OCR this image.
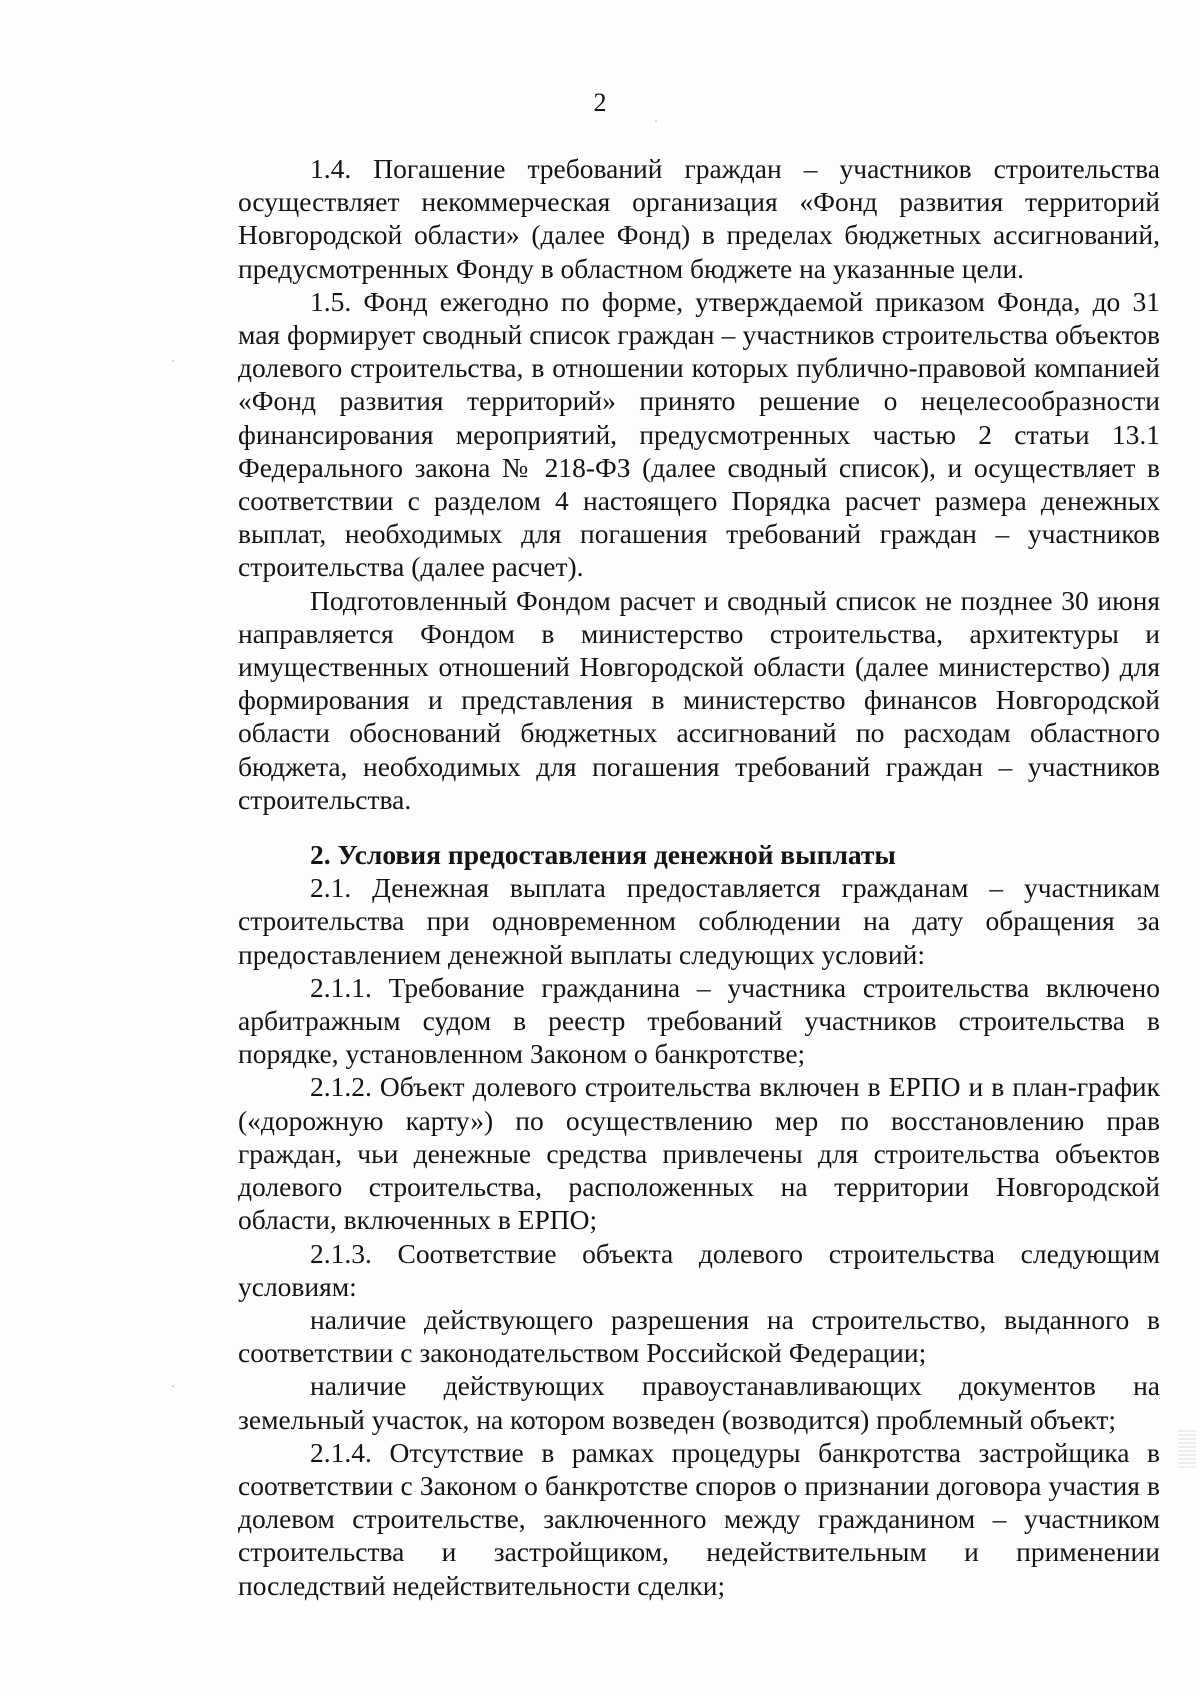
2

1.4. Погашение требований граждан – участников строительства осуществляет некоммерческая организация «Фонд развития территорий Новгородской области» (далее Фонд) в пределах бюджетных ассигнований, предусмотренных Фонду в областном бюджете на указанные цели.

1.5. Фонд ежегодно по форме, утверждаемой приказом Фонда, до 31 мая формирует сводный список граждан – участников строительства объектов долевого строительства, в отношении которых публично-правовой компанией «Фонд развития территорий» принято решение о нецелесообразности финансирования мероприятий, предусмотренных частью 2 статьи 13.1 Федерального закона № 218-ФЗ (далее сводный список), и осуществляет в соответствии с разделом 4 настоящего Порядка расчет размера денежных выплат, необходимых для погашения требований граждан – участников строительства (далее расчет).

Подготовленный Фондом расчет и сводный список не позднее 30 июня направляется Фондом в министерство строительства, архитектуры и имущественных отношений Новгородской области (далее министерство) для формирования и представления в министерство финансов Новгородской области обоснований бюджетных ассигнований по расходам областного бюджета, необходимых для погашения требований граждан – участников строительства.

2. Условия предоставления денежной выплаты

2.1. Денежная выплата предоставляется гражданам – участникам строительства при одновременном соблюдении на дату обращения за предоставлением денежной выплаты следующих условий:

2.1.1. Требование гражданина – участника строительства включено арбитражным судом в реестр требований участников строительства в порядке, установленном Законом о банкротстве;

2.1.2. Объект долевого строительства включен в ЕРПО и в план-график («дорожную карту») по осуществлению мер по восстановлению прав граждан, чьи денежные средства привлечены для строительства объектов долевого строительства, расположенных на территории Новгородской области, включенных в ЕРПО;

2.1.3. Соответствие объекта долевого строительства следующим условиям:

наличие действующего разрешения на строительство, выданного в соответствии с законодательством Российской Федерации;

наличие действующих правоустанавливающих документов на земельный участок, на котором возведен (возводится) проблемный объект;

2.1.4. Отсутствие в рамках процедуры банкротства застройщика в соответствии с Законом о банкротстве споров о признании договора участия в долевом строительстве, заключенного между гражданином – участником строительства и застройщиком, недействительным и применении последствий недействительности сделки;
